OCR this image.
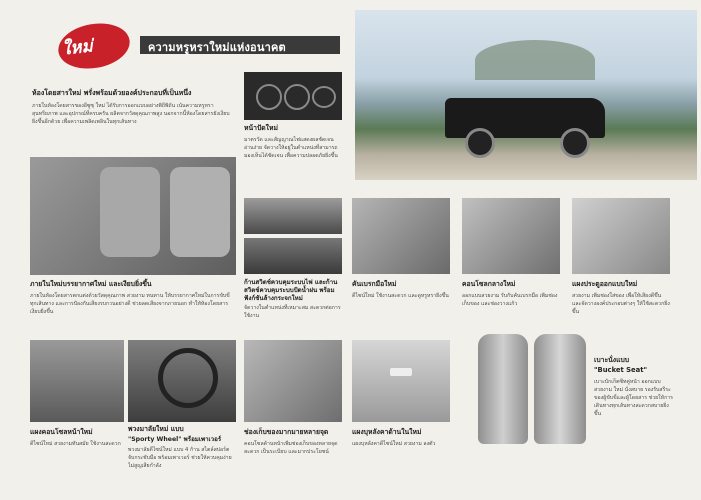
ใหม่	ความหรูหราใหม่แห่งอนาคต
ห้องโดยสารใหม่ พรั่งพร้อมด้วยองค์ประกอบที่เป็นหนึ่ง
ภายในห้องโดยสารของอีซูซุ ใหม่ ได้รับการออกแบบอย่างพิถีพิถัน เน้นความหรูหรา สุนทรียภาพ และอุปกรณ์ที่ครบครัน ผลิตจากวัสดุคุณภาพสูง นอกจากนี้ห้องโดยสารยังเงียบยิ่งขึ้นอีกด้วย เพื่อความเพลิดเพลินในทุกเส้นทาง
หน้าปัดใหม่
มาตรวัด และสัญญาณไฟแสดงผลชัดเจน อ่านง่าย จัดวางให้อยู่ในตำแหน่งที่สามารถมองเห็นได้ชัดเจน เพื่อความปลอดภัยยิ่งขึ้น
ภายในใหม่บรรยากาศใหม่ และเงียบยิ่งขึ้น
ภายในห้องโดยสารตกแต่งด้วยวัสดุคุณภาพ สวยงาม ทนทาน ให้บรรยากาศใหม่ในการขับขี่ทุกเส้นทาง และการป้องกันเสียงรบกวนอย่างดี ช่วยลดเสียงจากภายนอก ทำให้ห้องโดยสารเงียบยิ่งขึ้น
ก้านสวิตช์ควบคุมระบบไฟ และก้านสวิตช์ควบคุมระบบปัดน้ำฝน พร้อมฟังก์ชันล้างกระจกใหม่
จัดวางในตำแหน่งที่เหมาะสม สะดวกต่อการใช้งาน
คันเบรกมือใหม่
ดีไซน์ใหม่ ใช้งานสะดวก และดูหรูหรายิ่งขึ้น
คอนโซลกลางใหม่
ออกแบบสวยงาม รับกับคันเบรกมือ เพิ่มช่องเก็บของ และช่องวางแก้ว
แผงประตูออกแบบใหม่
สวยงาม เพิ่มช่องใส่ของ เพื่อให้เสียงดีขึ้น และจัดวางองค์ประกอบต่างๆ ให้ใช้สะดวกยิ่งขึ้น
แผงคอนโซลหน้าใหม่
ดีไซน์ใหม่ สวยงามทันสมัย ใช้งานสะดวก
พวงมาลัยใหม่ แบบ
"Sporty Wheel" พร้อมเพาเวอร์
พวงมาลัยดีไซน์ใหม่ แบบ 4 ก้าน สไตล์สปอร์ต จับกระชับมือ พร้อมเพาเวอร์ ช่วยให้ควบคุมง่าย ไม่สูญเสียกำลัง
ช่องเก็บของมากมายหลายจุด
คอนโซลด้านหน้าเพิ่มช่องเก็บของหลายจุด สะดวก เป็นระเบียบ และมากประโยชน์
แผงบุหลังคาด้านในใหม่
แผงบุหลังคาดีไซน์ใหม่ สวยงาม ลงตัว
เบาะนั่งแบบ
"Bucket Seat"
เบาะบักเก็ตซีทคู่หน้า ออกแบบสวยงาม ใหม่ นั่งสบาย รองรับสรีระของผู้ขับขี่และผู้โดยสาร ช่วยให้การเดินทางทุกเส้นทางสะดวกสบายยิ่งขึ้น
